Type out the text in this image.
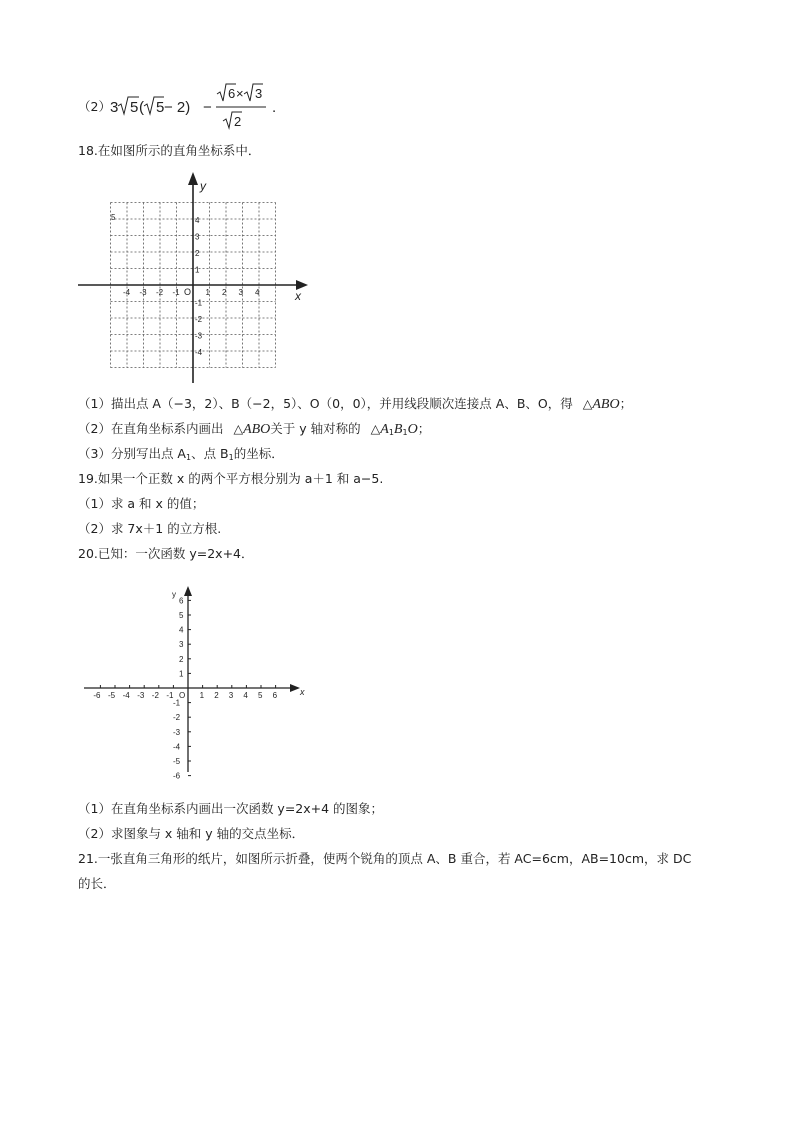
（2） 3 5 ( 5 − 2) −
6 × 3
2
.
18.在如图所示的直角坐标系中．
y
x
O
5
-4 -3 -2 -1	1 2 3 4
4
3
2
1
-1
-2
-3
-4
（1）描出点 A（−3，2）、B（−2，5）、O（0，0），并用线段顺次连接点 A、B、O，得 △ABO；
（2）在直角坐标系内画出 △ABO关于 y 轴对称的 $\triangle A_1B_1O$；
（3）分别写出点 $A_1$、点 $B_1$的坐标．
19.如果一个正数 x 的两个平方根分别为 a＋1 和 a−5.
（1）求 a 和 x 的值；
（2）求 7x＋1 的立方根.
20.已知：一次函数 y=2x+4．
y
x
O
-6 -5 -4 -3 -2 -1	1 2 3 4 5 6
6
5
4
3
2
1
-1
-2
-3
-4
-5
-6
（1）在直角坐标系内画出一次函数 y=2x+4 的图象；
（2）求图象与 x 轴和 y 轴的交点坐标．
21.一张直角三角形的纸片，如图所示折叠，使两个锐角的顶点 A、B 重合，若 AC=6cm，AB=10cm，求 DC
的长．
